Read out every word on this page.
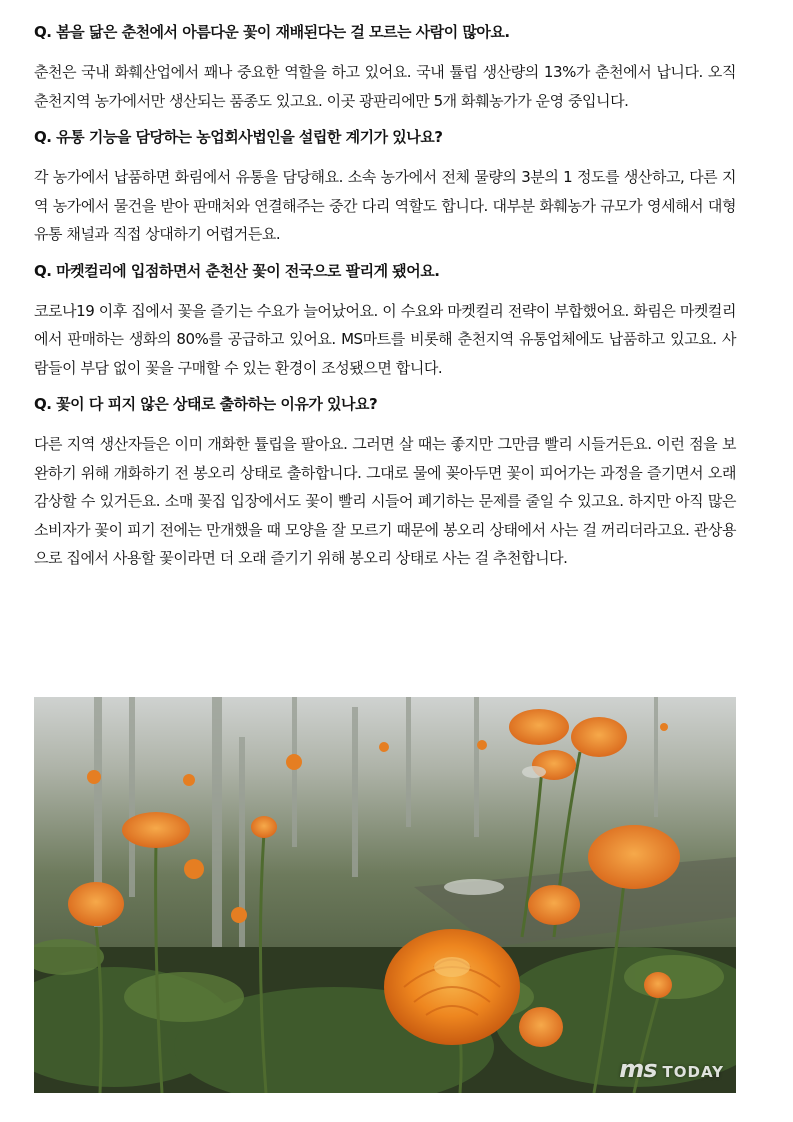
Q. 봄을 닮은 춘천에서 아름다운 꽃이 재배된다는 걸 모르는 사람이 많아요.

춘천은 국내 화훼산업에서 꽤나 중요한 역할을 하고 있어요. 국내 튤립 생산량의 13%가 춘천에서 납니다. 오직 춘천지역 농가에서만 생산되는 품종도 있고요. 이곳 광판리에만 5개 화훼농가가 운영 중입니다.

Q. 유통 기능을 담당하는 농업회사법인을 설립한 계기가 있나요?

각 농가에서 납품하면 화림에서 유통을 담당해요. 소속 농가에서 전체 물량의 3분의 1 정도를 생산하고, 다른 지역 농가에서 물건을 받아 판매처와 연결해주는 중간 다리 역할도 합니다. 대부분 화훼농가 규모가 영세해서 대형 유통 채널과 직접 상대하기 어렵거든요.

Q. 마켓컬리에 입점하면서 춘천산 꽃이 전국으로 팔리게 됐어요.

코로나19 이후 집에서 꽃을 즐기는 수요가 늘어났어요. 이 수요와 마켓컬리 전략이 부합했어요. 화림은 마켓컬리에서 판매하는 생화의 80%를 공급하고 있어요. MS마트를 비롯해 춘천지역 유통업체에도 납품하고 있고요. 사람들이 부담 없이 꽃을 구매할 수 있는 환경이 조성됐으면 합니다.

Q. 꽃이 다 피지 않은 상태로 출하하는 이유가 있나요?

다른 지역 생산자들은 이미 개화한 튤립을 팔아요. 그러면 살 때는 좋지만 그만큼 빨리 시들거든요. 이런 점을 보완하기 위해 개화하기 전 봉오리 상태로 출하합니다. 그대로 물에 꽂아두면 꽃이 피어가는 과정을 즐기면서 오래 감상할 수 있거든요. 소매 꽃집 입장에서도 꽃이 빨리 시들어 폐기하는 문제를 줄일 수 있고요. 하지만 아직 많은 소비자가 꽃이 피기 전에는 만개했을 때 모양을 잘 모르기 때문에 봉오리 상태에서 사는 걸 꺼리더라고요. 관상용으로 집에서 사용할 꽃이라면 더 오래 즐기기 위해 봉오리 상태로 사는 걸 추천합니다.

ms TODAY
